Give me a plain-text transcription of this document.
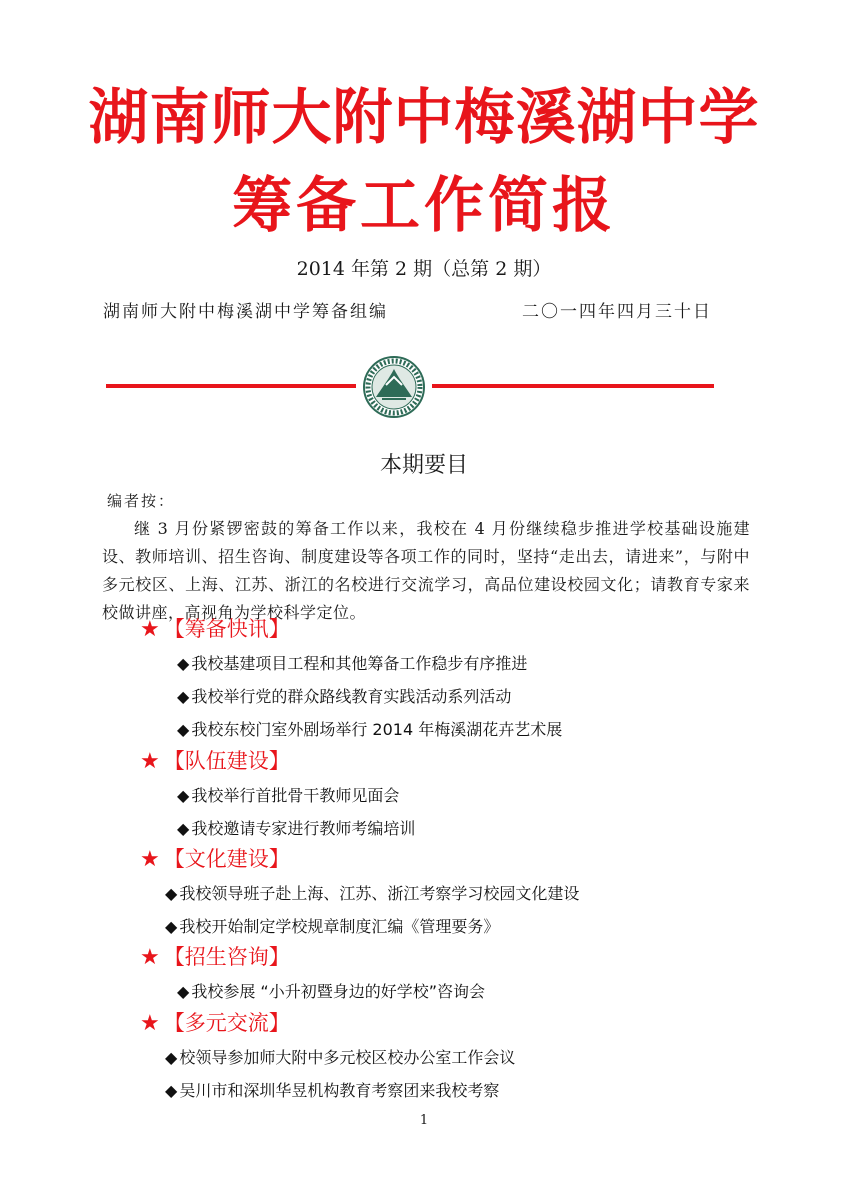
湖南师大附中梅溪湖中学
筹备工作简报
2014 年第 2 期（总第 2 期）
湖南师大附中梅溪湖中学筹备组编	二〇一四年四月三十日
本期要目
编者按：
继 3 月份紧锣密鼓的筹备工作以来，我校在 4 月份继续稳步推进学校基础设施建设、教师培训、招生咨询、制度建设等各项工作的同时，坚持“走出去，请进来”，与附中多元校区、上海、江苏、浙江的名校进行交流学习，高品位建设校园文化；请教育专家来校做讲座，高视角为学校科学定位。
★ 【筹备快讯】
◆ 我校基建项目工程和其他筹备工作稳步有序推进
◆ 我校举行党的群众路线教育实践活动系列活动
◆ 我校东校门室外剧场举行 2014 年梅溪湖花卉艺术展
★ 【队伍建设】
◆ 我校举行首批骨干教师见面会
◆ 我校邀请专家进行教师考编培训
★ 【文化建设】
◆ 我校领导班子赴上海、江苏、浙江考察学习校园文化建设
◆ 我校开始制定学校规章制度汇编《管理要务》
★ 【招生咨询】
◆ 我校参展 “小升初暨身边的好学校”咨询会
★ 【多元交流】
◆ 校领导参加师大附中多元校区校办公室工作会议
◆ 吴川市和深圳华昱机构教育考察团来我校考察
1
